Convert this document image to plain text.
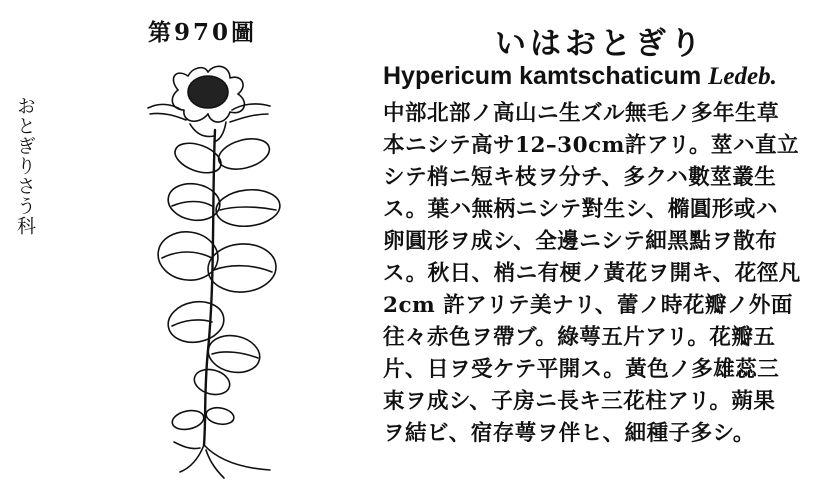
第970圖
おとぎりさう科
いはおとぎり
Hypericum kamtschaticum Ledeb.
中部北部ノ高山ニ生ズル無毛ノ多年生草
本ニシテ高サ12–30cm許アリ。莖ハ直立
シテ梢ニ短キ枝ヲ分チ、多クハ數莖叢生
ス。葉ハ無柄ニシテ對生シ、橢圓形或ハ
卵圓形ヲ成シ、全邊ニシテ細黑點ヲ散布
ス。秋日、梢ニ有梗ノ黃花ヲ開キ、花徑凡
2cm 許アリテ美ナリ、蕾ノ時花瓣ノ外面
往々赤色ヲ帶ブ。綠萼五片アリ。花瓣五
片、日ヲ受ケテ平開ス。黃色ノ多雄蕊三
束ヲ成シ、子房ニ長キ三花柱アリ。蒴果
ヲ結ビ、宿存萼ヲ伴ヒ、細種子多シ。
